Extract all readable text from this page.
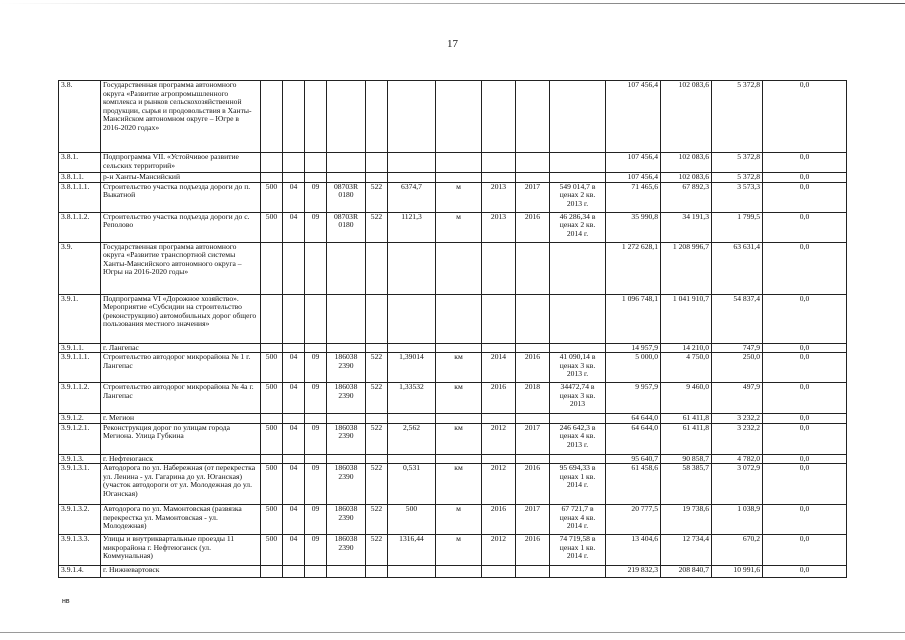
17
3.8.	Государственная программа автономного округа «Развитие агропромышленного комплекса и рынков сельскохозяйственной продукции, сырья и продовольствия в Ханты-Мансийском автономном округе – Югре в 2016-2020 годах»											107 456,4	102 083,6	5 372,8	0,0
3.8.1.	Подпрограмма VII. «Устойчивое развитие сельских территорий»											107 456,4	102 083,6	5 372,8	0,0
3.8.1.1.	р-н Ханты-Мансийский											107 456,4	102 083,6	5 372,8	0,0
3.8.1.1.1.	Строительство участка подъезда дороги до п. Выкатной	500	04	09	08703R 0180	522	6374,7	м	2013	2017	549 014,7 в ценах 2 кв. 2013 г.	71 465,6	67 892,3	3 573,3	0,0
3.8.1.1.2.	Строительство участка подъезда дороги до с. Реполово	500	04	09	08703R 0180	522	1121,3	м	2013	2016	46 286,34 в ценах 2 кв. 2014 г.	35 990,8	34 191,3	1 799,5	0,0
3.9.	Государственная программа автономного округа «Развитие транспортной системы Ханты-Мансийского автономного округа – Югры на 2016-2020 годы»											1 272 628,1	1 208 996,7	63 631,4	0,0
3.9.1.	Подпрограмма VI «Дорожное хозяйство». Мероприятие «Субсидии на строительство (реконструкцию) автомобильных дорог общего пользования местного значения»											1 096 748,1	1 041 910,7	54 837,4	0,0
3.9.1.1.	г. Лангепас											14 957,9	14 210,0	747,9	0,0
3.9.1.1.1.	Строительство автодорог микрорайона № 1 г. Лангепас	500	04	09	186038 2390	522	1,39014	км	2014	2016	41 090,14 в ценах 3 кв. 2013 г.	5 000,0	4 750,0	250,0	0,0
3.9.1.1.2.	Строительство автодорог микрорайона № 4а г. Лангепас	500	04	09	186038 2390	522	1,33532	км	2016	2018	34472,74 в ценах 3 кв. 2013	9 957,9	9 460,0	497,9	0,0
3.9.1.2.	г. Мегион											64 644,0	61 411,8	3 232,2	0,0
3.9.1.2.1.	Реконструкция дорог по улицам города Мегиона. Улица Губкина	500	04	09	186038 2390	522	2,562	км	2012	2017	246 642,3 в ценах 4 кв. 2013 г.	64 644,0	61 411,8	3 232,2	0,0
3.9.1.3.	г. Нефтеюганск											95 640,7	90 858,7	4 782,0	0,0
3.9.1.3.1.	Автодорога по ул. Набережная (от перекрестка ул. Ленина - ул. Гагарина до ул. Юганская) (участок автодороги от ул. Молодежная до ул. Юганская)	500	04	09	186038 2390	522	0,531	км	2012	2016	95 694,33 в ценах 1 кв. 2014 г.	61 458,6	58 385,7	3 072,9	0,0
3.9.1.3.2.	Автодорога по ул. Мамонтовская (развязка перекрестка ул. Мамонтовская - ул. Молодежная)	500	04	09	186038 2390	522	500	м	2016	2017	67 721,7 в ценах 4 кв. 2014 г.	20 777,5	19 738,6	1 038,9	0,0
3.9.1.3.3.	Улицы и внутриквартальные проезды 11 микрорайона г. Нефтеюганск (ул. Коммунальная)	500	04	09	186038 2390	522	1316,44	м	2012	2016	74 719,58 в ценах 1 кв. 2014 г.	13 404,6	12 734,4	670,2	0,0
3.9.1.4.	г. Нижневартовск											219 832,3	208 840,7	10 991,6	0,0
нв
